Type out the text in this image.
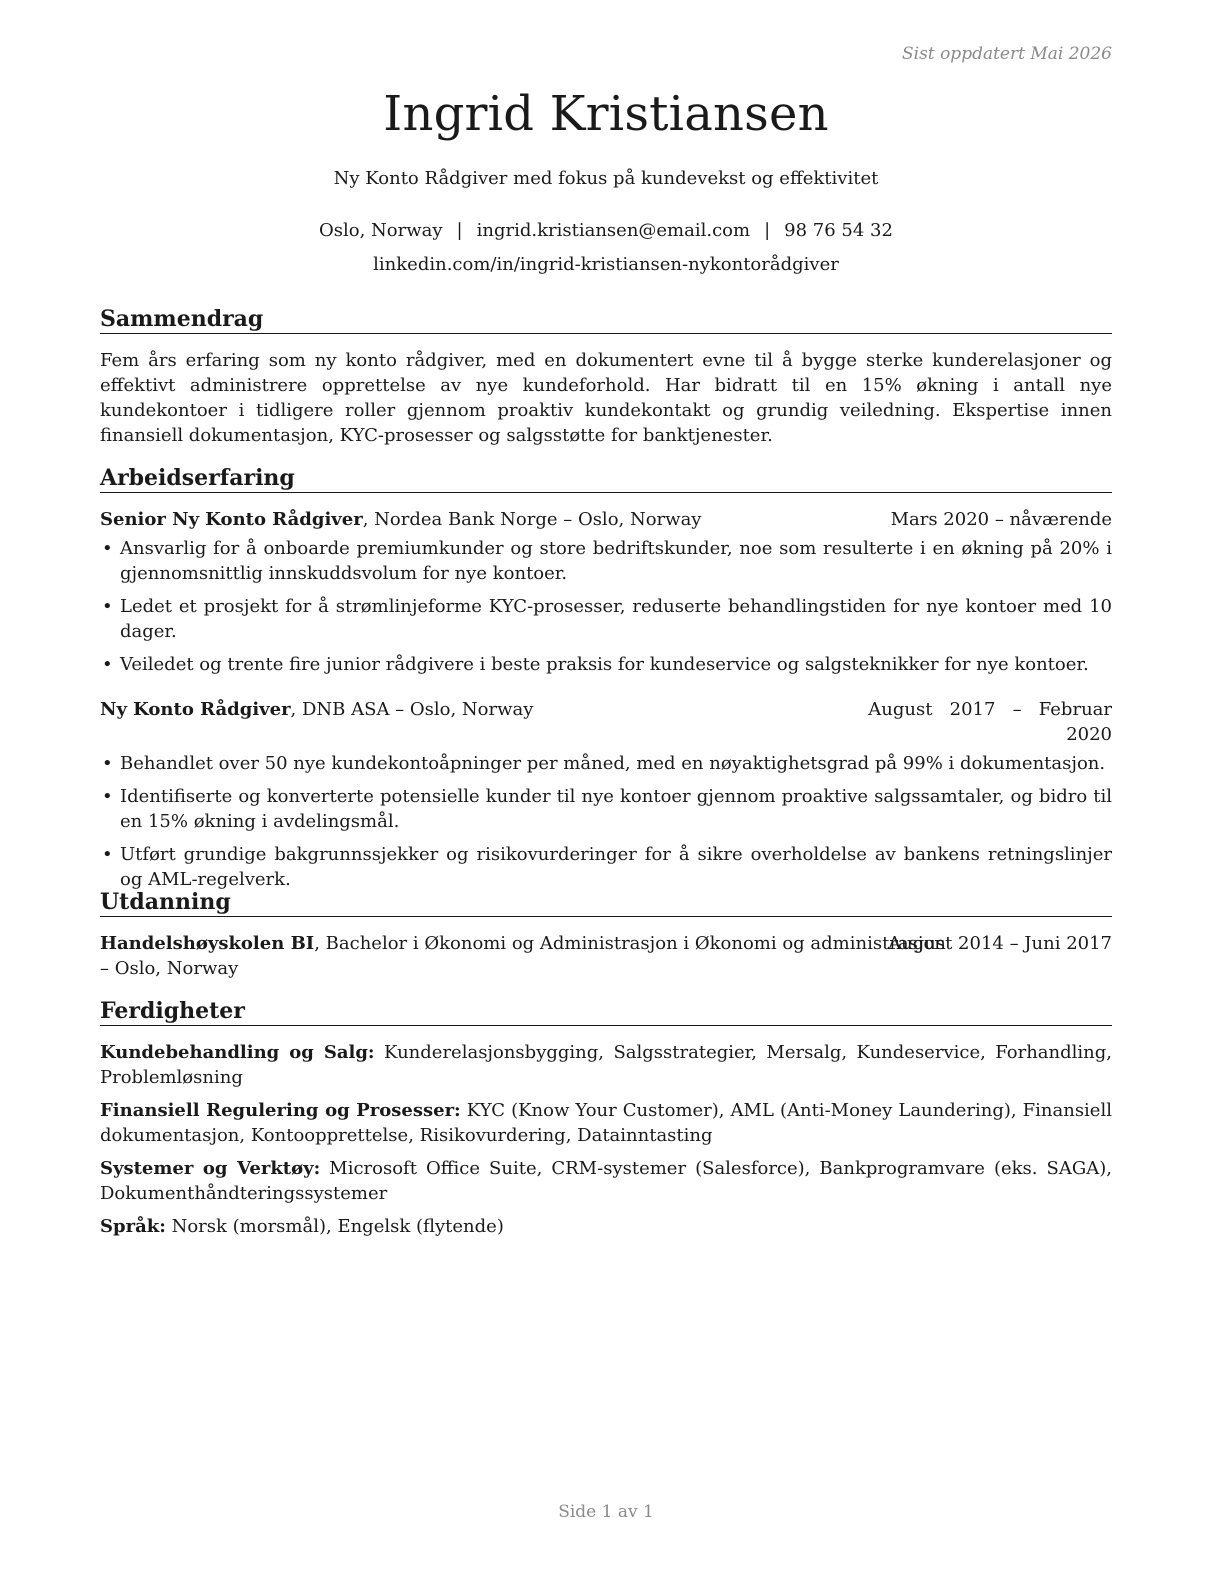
Sist oppdatert Mai 2026
Ingrid Kristiansen
Ny Konto Rådgiver med fokus på kundevekst og effektivitet
Oslo, Norway | ingrid.kristiansen@email.com | 98 76 54 32
linkedin.com/in/ingrid-kristiansen-nykontorådgiver
Sammendrag

Fem års erfaring som ny konto rådgiver, med en dokumentert evne til å bygge sterke kunderelasjoner og effektivt administrere opprettelse av nye kundeforhold. Har bidratt til en 15% økning i antall nye kundekontoer i tidligere roller gjennom proaktiv kundekontakt og grundig veiledning. Ekspertise innen finansiell dokumentasjon, KYC-prosesser og salgsstøtte for banktjenester.

Arbeidserfaring

Senior Ny Konto Rådgiver, Nordea Bank Norge – Oslo, Norway	Mars 2020 – nåværende

• Ansvarlig for å onboarde premiumkunder og store bedriftskunder, noe som resulterte i en økning på 20% i gjennomsnittlig innskuddsvolum for nye kontoer.
• Ledet et prosjekt for å strømlinjeforme KYC-prosesser, reduserte behandlingstiden for nye kontoer med 10 dager.
• Veiledet og trente fire junior rådgivere i beste praksis for kundeservice og salgsteknikker for nye kontoer.

Ny Konto Rådgiver, DNB ASA – Oslo, Norway	August   2017   –   Februar
2020

• Behandlet over 50 nye kundekontoåpninger per måned, med en nøyaktighetsgrad på 99% i dokumentasjon.
• Identifiserte og konverterte potensielle kunder til nye kontoer gjennom proaktive salgssamtaler, og bidro til en 15% økning i avdelingsmål.
• Utført grundige bakgrunnssjekker og risikovurderinger for å sikre overholdelse av bankens retningslinjer og AML-regelverk.
Utdanning

Handelshøyskolen BI, Bachelor i Økonomi og Administrasjon i Økonomi og administrasjon
August 2014 – Juni 2017

– Oslo, Norway

Ferdigheter

Kundebehandling og Salg: Kunderelasjonsbygging, Salgsstrategier, Mersalg, Kundeservice, Forhandling, Problemløsning

Finansiell Regulering og Prosesser: KYC (Know Your Customer), AML (Anti-Money Laundering), Finansiell dokumentasjon, Kontoopprettelse, Risikovurdering, Datainntasting

Systemer og Verktøy: Microsoft Office Suite, CRM-systemer (Salesforce), Bankprogramvare (eks. SAGA), Dokumenthåndteringssystemer

Språk: Norsk (morsmål), Engelsk (flytende)

Side 1 av 1
